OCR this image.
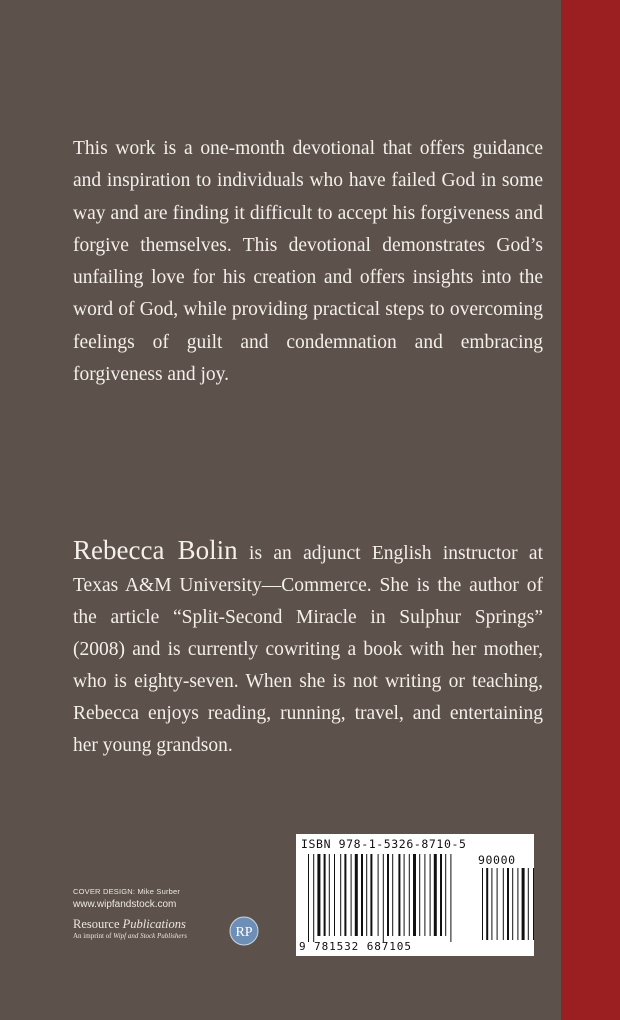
This work is a one-month devotional that offers guidance and inspiration to individuals who have failed God in some way and are finding it difficult to accept his forgiveness and forgive themselves. This devotional demonstrates God’s unfailing love for his creation and offers insights into the word of God, while providing practical steps to overcoming feelings of guilt and condemnation and embracing forgiveness and joy.

Rebecca Bolin is an adjunct English instructor at Texas A&M University—Commerce. She is the author of the article “Split-Second Miracle in Sulphur Springs” (2008) and is currently cowriting a book with her mother, who is eighty-seven. When she is not writing or teaching, Rebecca enjoys reading, running, travel, and entertaining her young grandson.

COVER DESIGN: Mike Surber
www.wipfandstock.com
Resource Publications
An imprint of Wipf and Stock Publishers	RP
ISBN 978-1-5326-8710-5
90000
9 781532 687105
